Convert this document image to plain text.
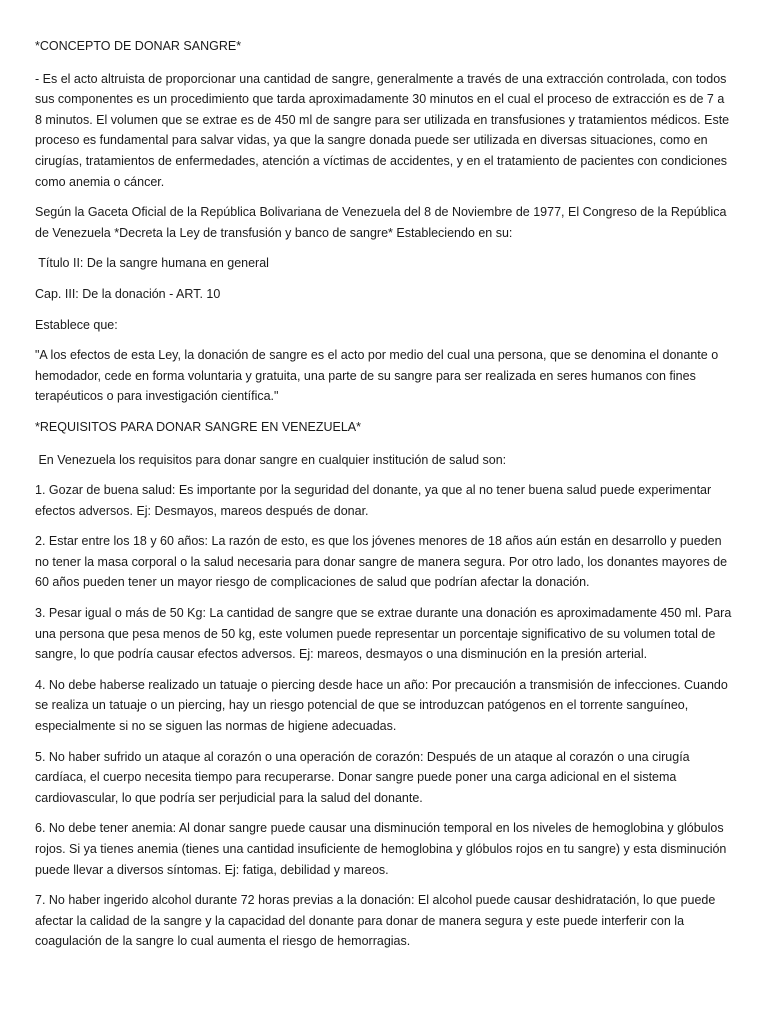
*CONCEPTO DE DONAR SANGRE*

- Es el acto altruista de proporcionar una cantidad de sangre, generalmente a través de una extracción controlada, con todos sus componentes es un procedimiento que tarda aproximadamente 30 minutos en el cual el proceso de extracción es de 7 a 8 minutos. El volumen que se extrae es de 450 ml de sangre para ser utilizada en transfusiones y tratamientos médicos. Este proceso es fundamental para salvar vidas, ya que la sangre donada puede ser utilizada en diversas situaciones, como en cirugías, tratamientos de enfermedades, atención a víctimas de accidentes, y en el tratamiento de pacientes con condiciones como anemia o cáncer.

Según la Gaceta Oficial de la República Bolivariana de Venezuela del 8 de Noviembre de 1977, El Congreso de la República de Venezuela *Decreta la Ley de transfusión y banco de sangre* Estableciendo en su:

Título II: De la sangre humana en general

Cap. III: De la donación - ART. 10

Establece que:

"A los efectos de esta Ley, la donación de sangre es el acto por medio del cual una persona, que se denomina el donante o hemodador, cede en forma voluntaria y gratuita, una parte de su sangre para ser realizada en seres humanos con fines terapéuticos o para investigación científica."

*REQUISITOS PARA DONAR SANGRE EN VENEZUELA*

En Venezuela los requisitos para donar sangre en cualquier institución de salud son:

1. Gozar de buena salud: Es importante por la seguridad del donante, ya que al no tener buena salud puede experimentar efectos adversos. Ej: Desmayos, mareos después de donar.

2. Estar entre los 18 y 60 años: La razón de esto, es que los jóvenes menores de 18 años aún están en desarrollo y pueden no tener la masa corporal o la salud necesaria para donar sangre de manera segura. Por otro lado, los donantes mayores de 60 años pueden tener un mayor riesgo de complicaciones de salud que podrían afectar la donación.

3. Pesar igual o más de 50 Kg: La cantidad de sangre que se extrae durante una donación es aproximadamente 450 ml. Para una persona que pesa menos de 50 kg, este volumen puede representar un porcentaje significativo de su volumen total de sangre, lo que podría causar efectos adversos. Ej: mareos, desmayos o una disminución en la presión arterial.

4. No debe haberse realizado un tatuaje o piercing desde hace un año: Por precaución a transmisión de infecciones. Cuando se realiza un tatuaje o un piercing, hay un riesgo potencial de que se introduzcan patógenos en el torrente sanguíneo, especialmente si no se siguen las normas de higiene adecuadas.

5. No haber sufrido un ataque al corazón o una operación de corazón: Después de un ataque al corazón o una cirugía cardíaca, el cuerpo necesita tiempo para recuperarse. Donar sangre puede poner una carga adicional en el sistema cardiovascular, lo que podría ser perjudicial para la salud del donante.

6. No debe tener anemia: Al donar sangre puede causar una disminución temporal en los niveles de hemoglobina y glóbulos rojos. Si ya tienes anemia (tienes una cantidad insuficiente de hemoglobina y glóbulos rojos en tu sangre) y esta disminución puede llevar a diversos síntomas. Ej: fatiga, debilidad y mareos.

7. No haber ingerido alcohol durante 72 horas previas a la donación: El alcohol puede causar deshidratación, lo que puede afectar la calidad de la sangre y la capacidad del donante para donar de manera segura y este puede interferir con la coagulación de la sangre lo cual aumenta el riesgo de hemorragias.
